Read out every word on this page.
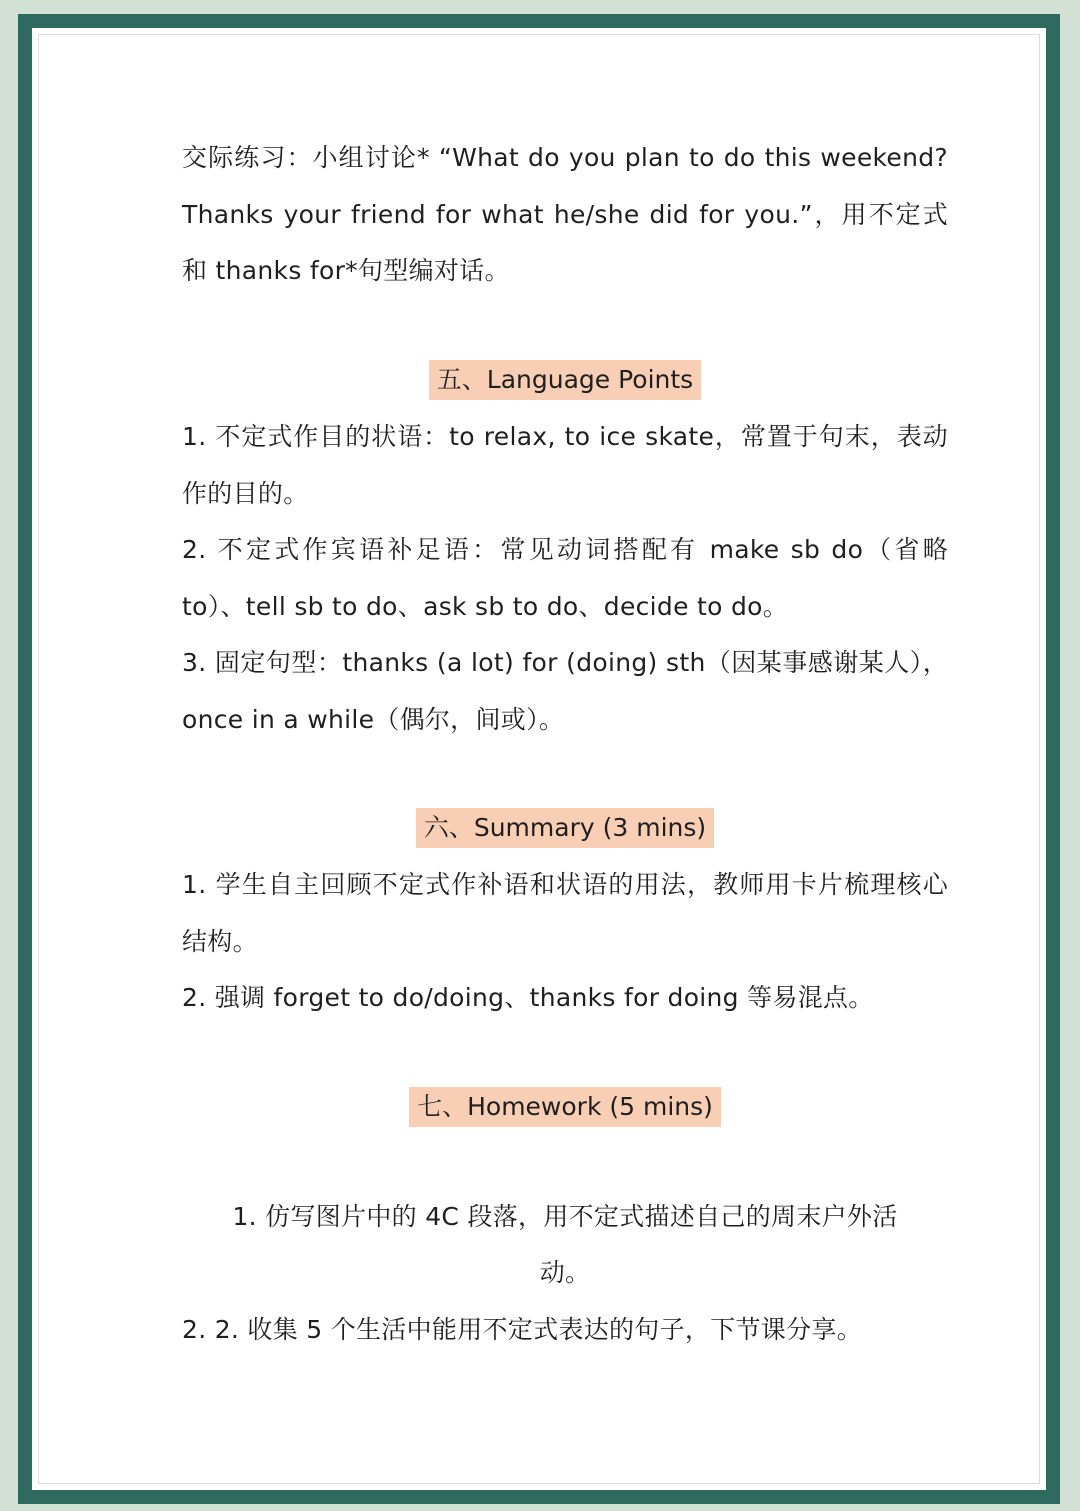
交际练习：小组讨论* “What do you plan to do this weekend? Thanks your friend for what he/she did for you.”，用不定式和 thanks for*句型编对话。
五、Language Points
1. 不定式作目的状语：to relax, to ice skate，常置于句末，表动作的目的。
2. 不定式作宾语补足语：常见动词搭配有 make sb do（省略 to）、tell sb to do、ask sb to do、decide to do。
3. 固定句型：thanks (a lot) for (doing) sth（因某事感谢某人），once in a while（偶尔，间或）。
六、Summary (3 mins)
1. 学生自主回顾不定式作补语和状语的用法，教师用卡片梳理核心结构。
2. 强调 forget to do/doing、thanks for doing 等易混点。
七、Homework (5 mins)
1. 仿写图片中的 4C 段落，用不定式描述自己的周末户外活
动。
2. 2. 收集 5 个生活中能用不定式表达的句子，下节课分享。
